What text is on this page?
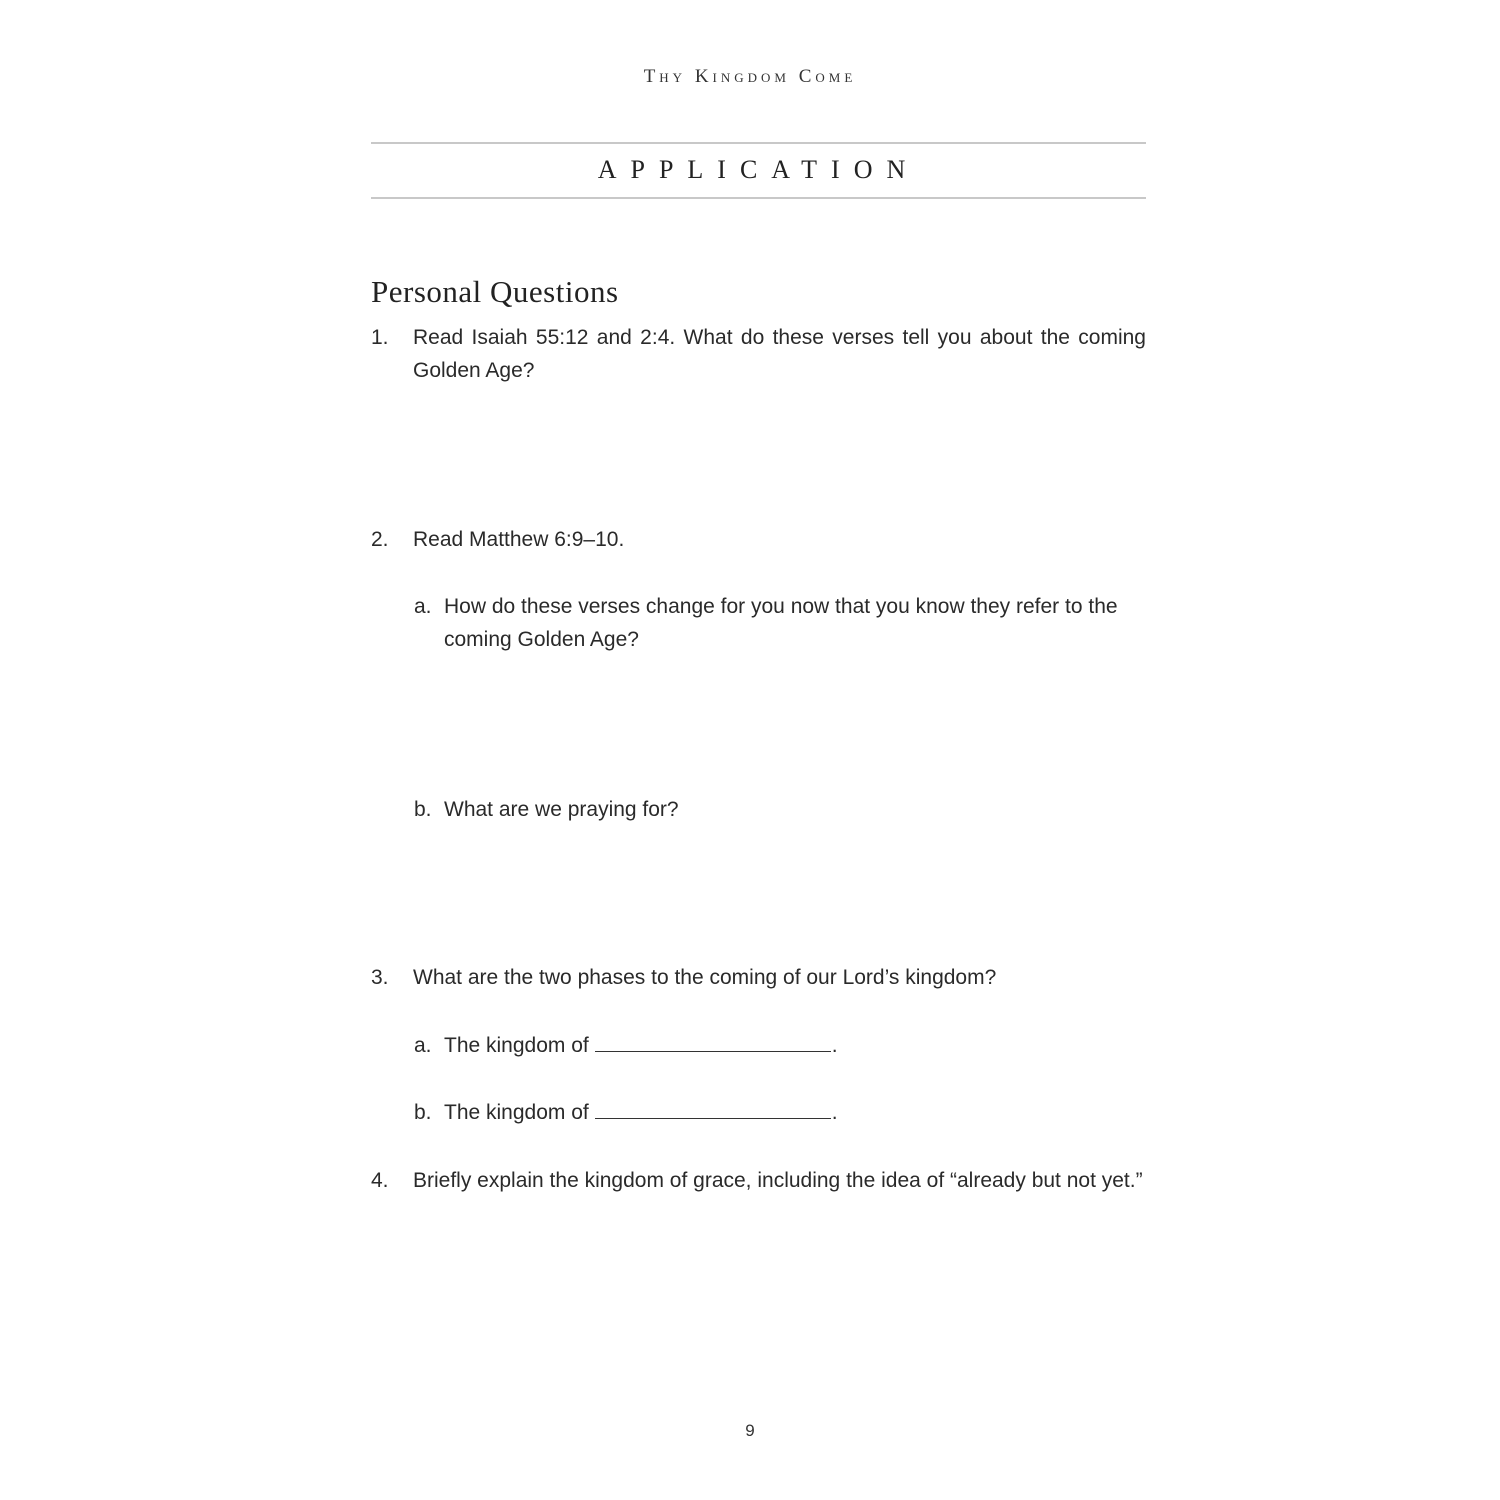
Thy Kingdom Come
APPLICATION
Personal Questions
1. Read Isaiah 55:12 and 2:4. What do these verses tell you about the coming Golden Age?
2. Read Matthew 6:9–10.
a. How do these verses change for you now that you know they refer to the coming Golden Age?
b. What are we praying for?
3. What are the two phases to the coming of our Lord’s kingdom?
a. The kingdom of	.
b. The kingdom of	.
4. Briefly explain the kingdom of grace, including the idea of “already but not yet.”
9
